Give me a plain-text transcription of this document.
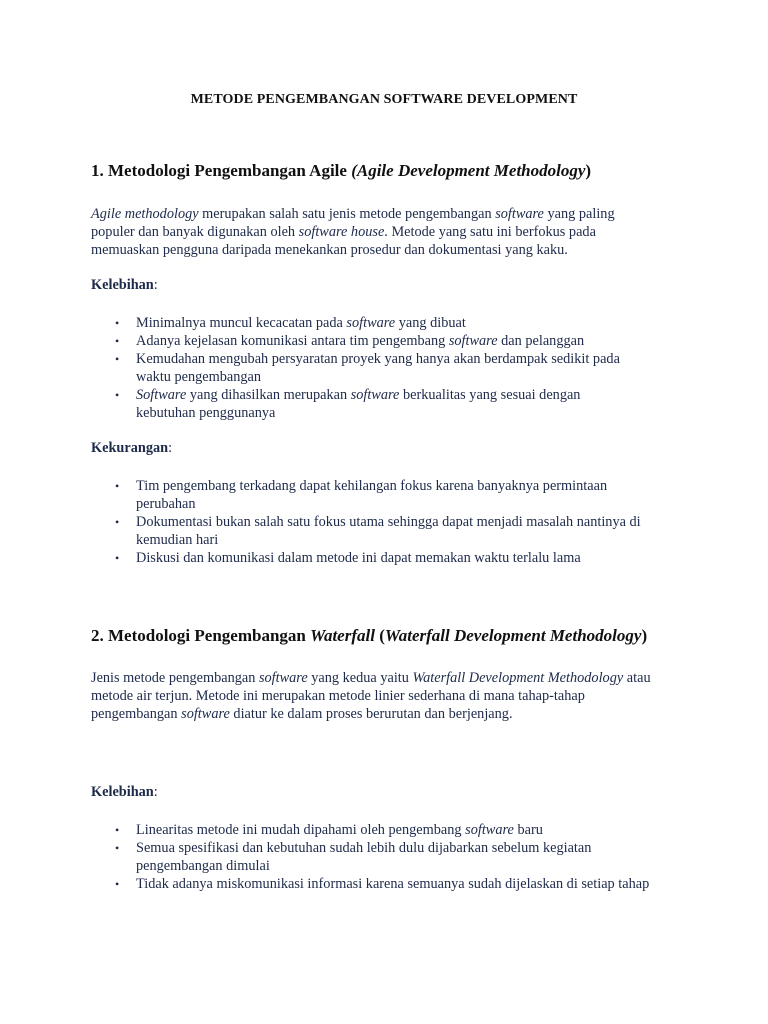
METODE PENGEMBANGAN SOFTWARE DEVELOPMENT
1. Metodologi Pengembangan Agile (Agile Development Methodology)
Agile methodology merupakan salah satu jenis metode pengembangan software yang paling populer dan banyak digunakan oleh software house. Metode yang satu ini berfokus pada memuaskan pengguna daripada menekankan prosedur dan dokumentasi yang kaku.
Kelebihan:
• Minimalnya muncul kecacatan pada software yang dibuat
• Adanya kejelasan komunikasi antara tim pengembang software dan pelanggan
• Kemudahan mengubah persyaratan proyek yang hanya akan berdampak sedikit pada waktu pengembangan
• Software yang dihasilkan merupakan software berkualitas yang sesuai dengan kebutuhan penggunanya
Kekurangan:
• Tim pengembang terkadang dapat kehilangan fokus karena banyaknya permintaan perubahan
• Dokumentasi bukan salah satu fokus utama sehingga dapat menjadi masalah nantinya di kemudian hari
• Diskusi dan komunikasi dalam metode ini dapat memakan waktu terlalu lama
2. Metodologi Pengembangan Waterfall (Waterfall Development Methodology)
Jenis metode pengembangan software yang kedua yaitu Waterfall Development Methodology atau metode air terjun. Metode ini merupakan metode linier sederhana di mana tahap-tahap pengembangan software diatur ke dalam proses berurutan dan berjenjang.
Kelebihan:
• Linearitas metode ini mudah dipahami oleh pengembang software baru
• Semua spesifikasi dan kebutuhan sudah lebih dulu dijabarkan sebelum kegiatan pengembangan dimulai
• Tidak adanya miskomunikasi informasi karena semuanya sudah dijelaskan di setiap tahap
